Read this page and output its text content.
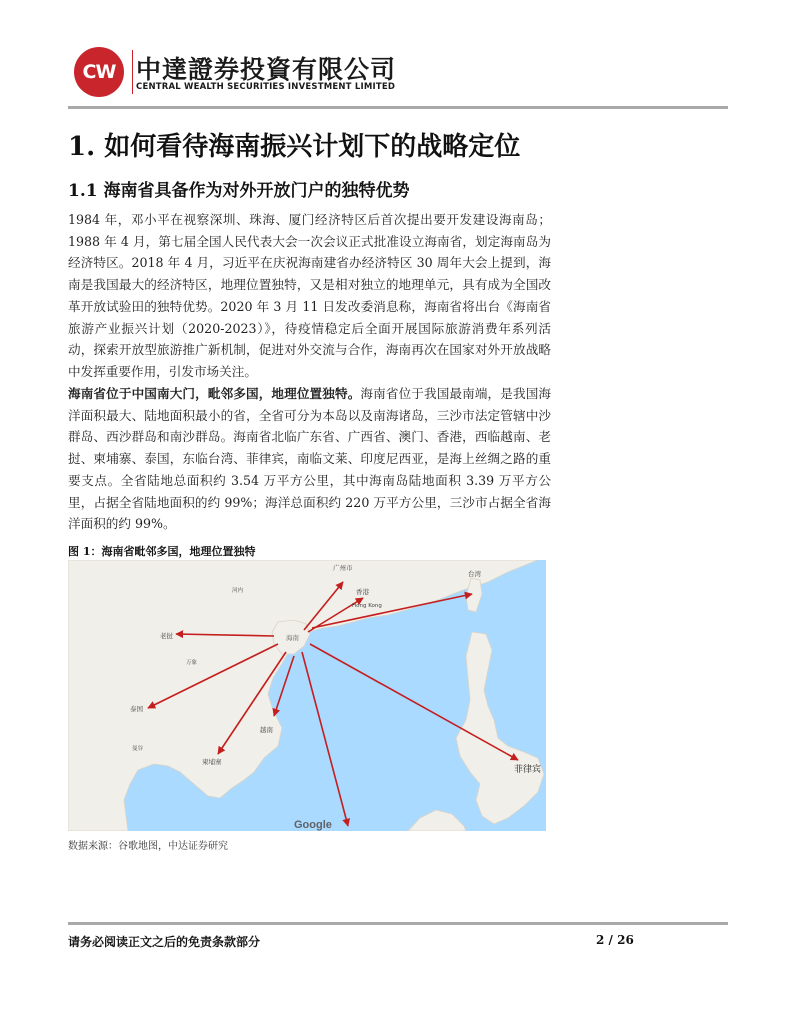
CW 中達證券投資有限公司
CENTRAL WEALTH SECURITIES INVESTMENT LIMITED
1. 如何看待海南振兴计划下的战略定位
1.1 海南省具备作为对外开放门户的独特优势
1984 年，邓小平在视察深圳、珠海、厦门经济特区后首次提出要开发建设海南岛；1988 年 4 月，第七届全国人民代表大会一次会议正式批准设立海南省，划定海南岛为经济特区。2018 年 4 月，习近平在庆祝海南建省办经济特区 30 周年大会上提到，海南是我国最大的经济特区，地理位置独特，又是相对独立的地理单元，具有成为全国改革开放试验田的独特优势。2020 年 3 月 11 日发改委消息称，海南省将出台《海南省旅游产业振兴计划（2020-2023）》，待疫情稳定后全面开展国际旅游消费年系列活动，探索开放型旅游推广新机制，促进对外交流与合作，海南再次在国家对外开放战略中发挥重要作用，引发市场关注。
海南省位于中国南大门，毗邻多国，地理位置独特。海南省位于我国最南端，是我国海洋面积最大、陆地面积最小的省，全省可分为本岛以及南海诸岛，三沙市法定管辖中沙群岛、西沙群岛和南沙群岛。海南省北临广东省、广西省、澳门、香港，西临越南、老挝、柬埔寨、泰国，东临台湾、菲律宾，南临文莱、印度尼西亚，是海上丝绸之路的重要支点。全省陆地总面积约 3.54 万平方公里，其中海南岛陆地面积 3.39 万平方公里，占据全省陆地面积的约 99%；海洋总面积约 220 万平方公里，三沙市占据全省海洋面积的约 99%。
图 1：海南省毗邻多国，地理位置独特
广州市
香港
Hong Kong
台湾
海南
老挝
泰国
柬埔寨
越南
菲律宾
河内
万象
曼谷
Google
数据来源：谷歌地图，中达证券研究
请务必阅读正文之后的免责条款部分	2 / 26
